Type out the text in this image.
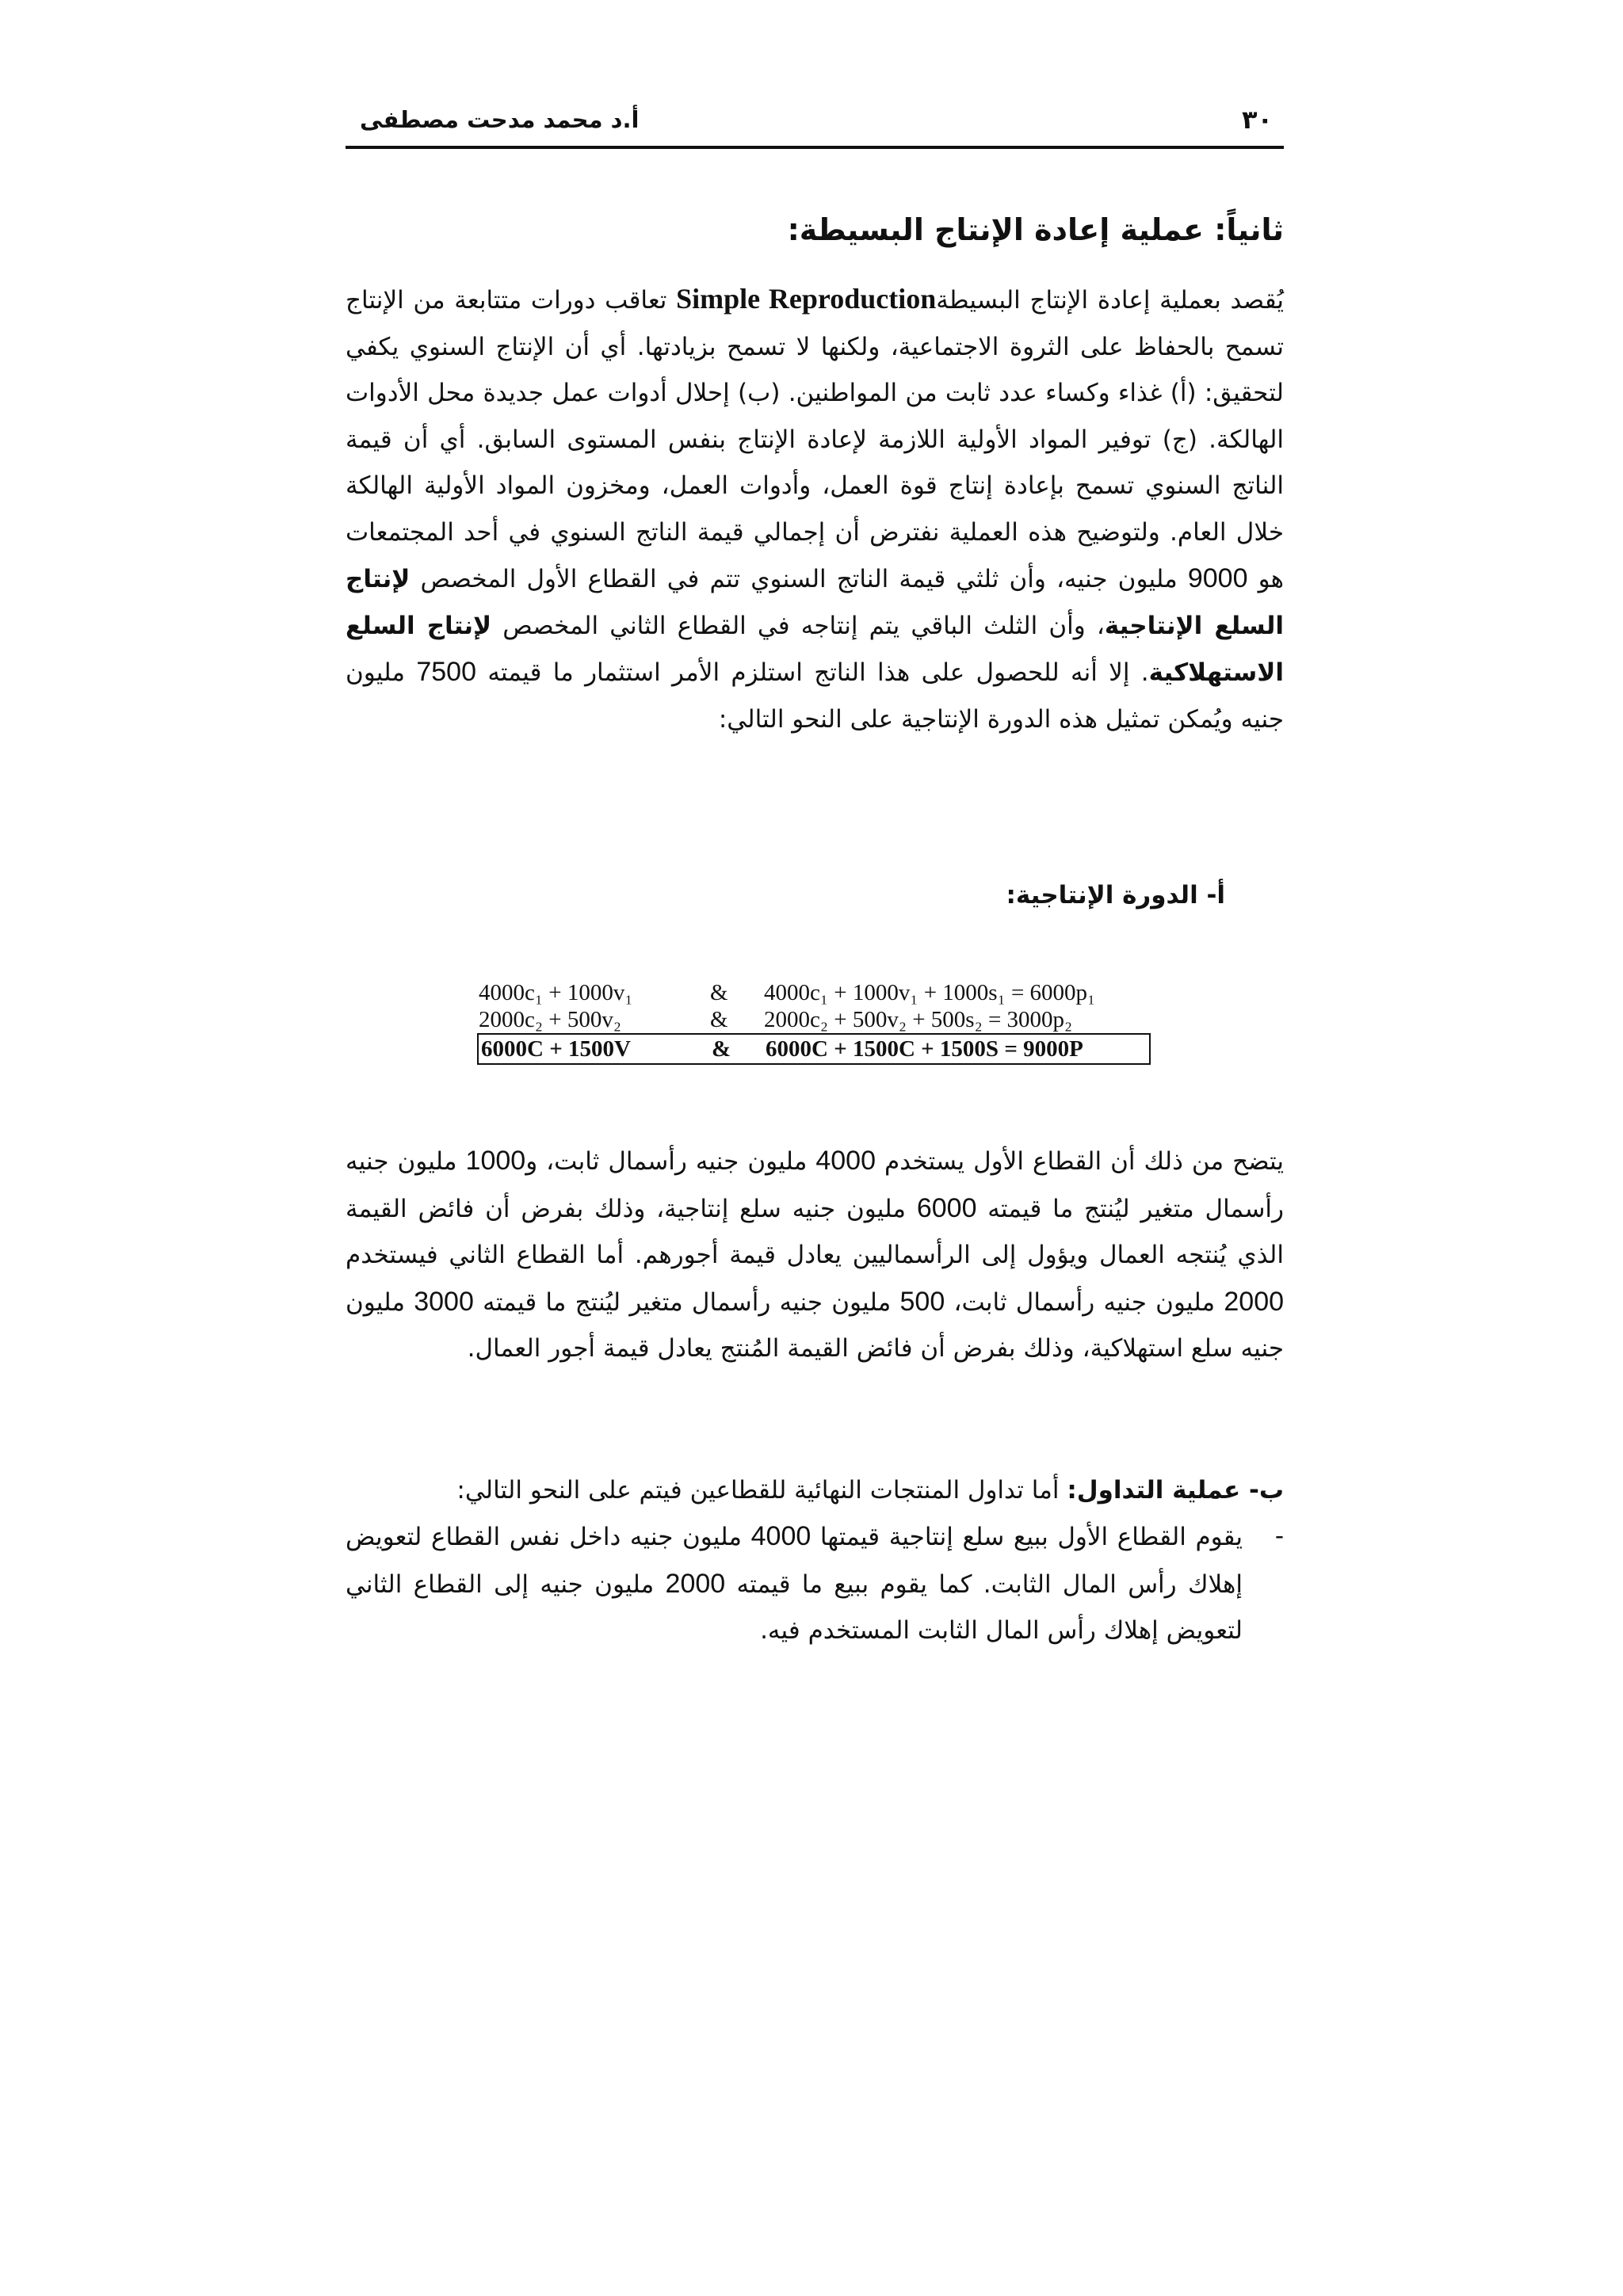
٣٠
أ.د محمد مدحت مصطفى
ثانياً: عملية إعادة الإنتاج البسيطة:
يُقصد بعملية إعادة الإنتاج البسيطةSimple Reproduction تعاقب دورات متتابعة من الإنتاج تسمح بالحفاظ على الثروة الاجتماعية، ولكنها لا تسمح بزيادتها. أي أن الإنتاج السنوي يكفي لتحقيق: (أ) غذاء وكساء عدد ثابت من المواطنين. (ب) إحلال أدوات عمل جديدة محل الأدوات الهالكة. (ج) توفير المواد الأولية اللازمة لإعادة الإنتاج بنفس المستوى السابق. أي أن قيمة الناتج السنوي تسمح بإعادة إنتاج قوة العمل، وأدوات العمل، ومخزون المواد الأولية الهالكة خلال العام. ولتوضيح هذه العملية نفترض أن إجمالي قيمة الناتج السنوي في أحد المجتمعات هو 9000 مليون جنيه، وأن ثلثي قيمة الناتج السنوي تتم في القطاع الأول المخصص لإنتاج السلع الإنتاجية، وأن الثلث الباقي يتم إنتاجه في القطاع الثاني المخصص لإنتاج السلع الاستهلاكية. إلا أنه للحصول على هذا الناتج استلزم الأمر استثمار ما قيمته 7500 مليون جنيه ويُمكن تمثيل هذه الدورة الإنتاجية على النحو التالي:
أ- الدورة الإنتاجية:
4000c₁ + 1000v₁	& 4000c₁ + 1000v₁ + 1000s₁ = 6000p₁
2000c₂ + 500v₂	& 2000c₂ + 500v₂ + 500s₂ = 3000p₂
6000C + 1500V	& 6000C + 1500C + 1500S = 9000P
يتضح من ذلك أن القطاع الأول يستخدم 4000 مليون جنيه رأسمال ثابت، و1000 مليون جنيه رأسمال متغير ليُنتج ما قيمته 6000 مليون جنيه سلع إنتاجية، وذلك بفرض أن فائض القيمة الذي يُنتجه العمال ويؤول إلى الرأسماليين يعادل قيمة أجورهم. أما القطاع الثاني فيستخدم 2000 مليون جنيه رأسمال ثابت، 500 مليون جنيه رأسمال متغير ليُنتج ما قيمته 3000 مليون جنيه سلع استهلاكية، وذلك بفرض أن فائض القيمة المُنتج يعادل قيمة أجور العمال.
ب- عملية التداول: أما تداول المنتجات النهائية للقطاعين فيتم على النحو التالي:
-
يقوم القطاع الأول ببيع سلع إنتاجية قيمتها 4000 مليون جنيه داخل نفس القطاع لتعويض إهلاك رأس المال الثابت. كما يقوم ببيع ما قيمته 2000 مليون جنيه إلى القطاع الثاني لتعويض إهلاك رأس المال الثابت المستخدم فيه.
